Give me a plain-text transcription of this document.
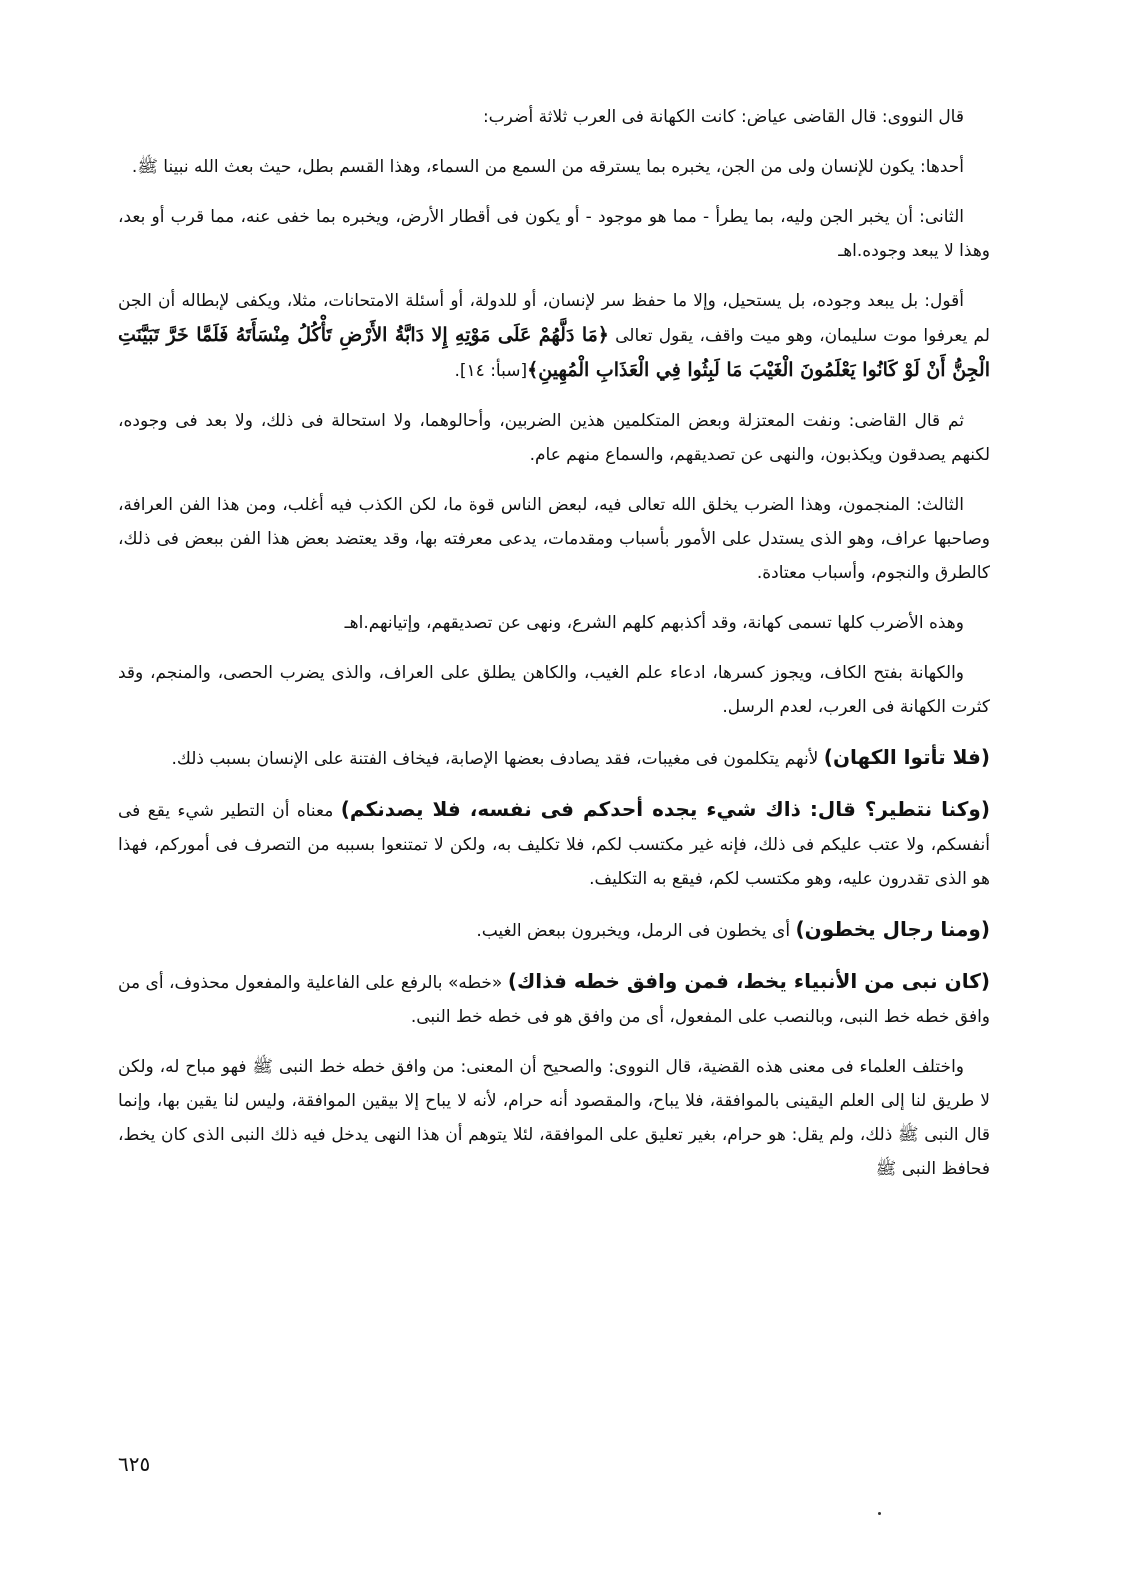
قال النووى: قال القاضى عياض: كانت الكهانة فى العرب ثلاثة أضرب:

أحدها: يكون للإنسان ولى من الجن، يخبره بما يسترقه من السمع من السماء، وهذا القسم بطل، حيث بعث الله نبينا ﷺ.

الثانى: أن يخبر الجن وليه، بما يطرأ - مما هو موجود - أو يكون فى أقطار الأرض، ويخبره بما خفى عنه، مما قرب أو بعد، وهذا لا يبعد وجوده.اهـ

أقول: بل يبعد وجوده، بل يستحيل، وإلا ما حفظ سر لإنسان، أو للدولة، أو أسئلة الامتحانات، مثلا، ويكفى لإبطاله أن الجن لم يعرفوا موت سليمان، وهو ميت واقف، يقول تعالى ﴿مَا دَلَّهُمْ عَلَى مَوْتِهِ إِلا دَابَّةُ الأَرْضِ تَأْكُلُ مِنْسَأَتَهُ فَلَمَّا خَرَّ تَبَيَّنَتِ الْجِنُّ أَنْ لَوْ كَانُوا يَعْلَمُونَ الْغَيْبَ مَا لَبِثُوا فِي الْعَذَابِ الْمُهِينِ﴾[سبأ: ١٤].

ثم قال القاضى: ونفت المعتزلة وبعض المتكلمين هذين الضربين، وأحالوهما، ولا استحالة فى ذلك، ولا بعد فى وجوده، لكنهم يصدقون ويكذبون، والنهى عن تصديقهم، والسماع منهم عام.

الثالث: المنجمون، وهذا الضرب يخلق الله تعالى فيه، لبعض الناس قوة ما، لكن الكذب فيه أغلب، ومن هذا الفن العرافة، وصاحبها عراف، وهو الذى يستدل على الأمور بأسباب ومقدمات، يدعى معرفته بها، وقد يعتضد بعض هذا الفن ببعض فى ذلك، كالطرق والنجوم، وأسباب معتادة.

وهذه الأضرب كلها تسمى كهانة، وقد أكذبهم كلهم الشرع، ونهى عن تصديقهم، وإتيانهم.اهـ

والكهانة بفتح الكاف، ويجوز كسرها، ادعاء علم الغيب، والكاهن يطلق على العراف، والذى يضرب الحصى، والمنجم، وقد كثرت الكهانة فى العرب، لعدم الرسل.

(فلا تأتوا الكهان) لأنهم يتكلمون فى مغيبات، فقد يصادف بعضها الإصابة، فيخاف الفتنة على الإنسان بسبب ذلك.

(وكنا نتطير؟ قال: ذاك شيء يجده أحدكم فى نفسه، فلا يصدنكم) معناه أن التطير شيء يقع فى أنفسكم، ولا عتب عليكم فى ذلك، فإنه غير مكتسب لكم، فلا تكليف به، ولكن لا تمتنعوا بسببه من التصرف فى أموركم، فهذا هو الذى تقدرون عليه، وهو مكتسب لكم، فيقع به التكليف.

(ومنا رجال يخطون) أى يخطون فى الرمل، ويخبرون ببعض الغيب.

(كان نبى من الأنبياء يخط، فمن وافق خطه فذاك) «خطه» بالرفع على الفاعلية والمفعول محذوف، أى من وافق خطه خط النبى، وبالنصب على المفعول، أى من وافق هو فى خطه خط النبى.

واختلف العلماء فى معنى هذه القضية، قال النووى: والصحيح أن المعنى: من وافق خطه خط النبى ﷺ فهو مباح له، ولكن لا طريق لنا إلى العلم اليقينى بالموافقة، فلا يباح، والمقصود أنه حرام، لأنه لا يباح إلا بيقين الموافقة، وليس لنا يقين بها، وإنما قال النبى ﷺ ذلك، ولم يقل: هو حرام، بغير تعليق على الموافقة، لئلا يتوهم أن هذا النهى يدخل فيه ذلك النبى الذى كان يخط، فحافظ النبى ﷺ

٦٢٥
